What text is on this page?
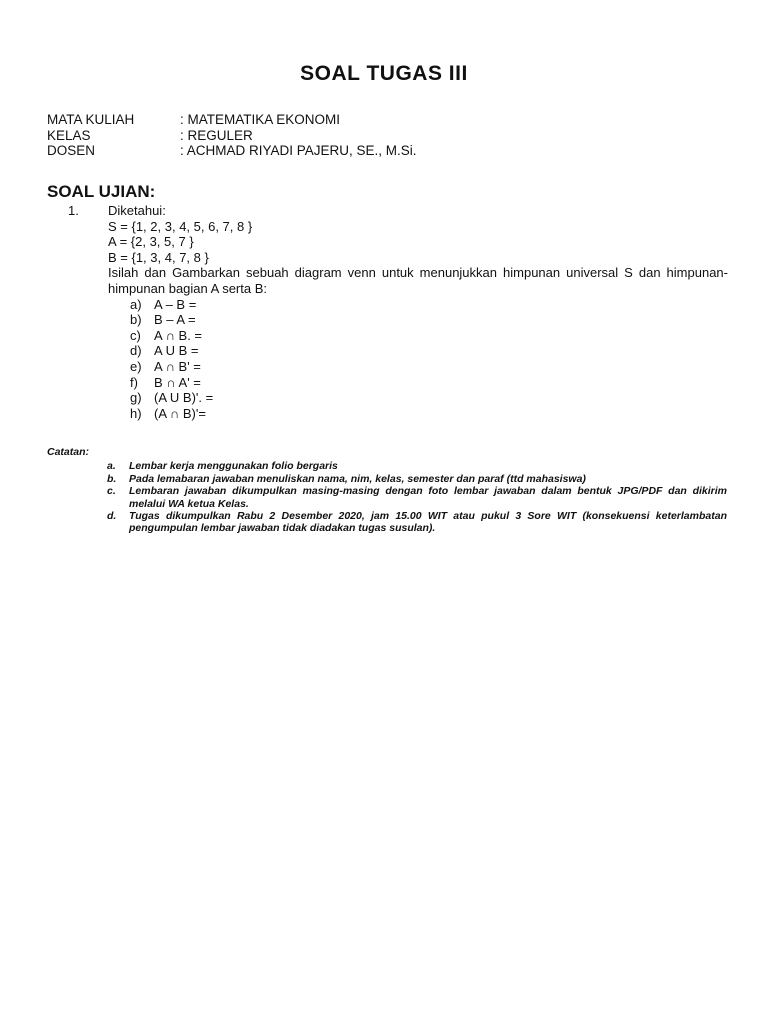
SOAL TUGAS III
MATA KULIAH	: MATEMATIKA EKONOMI
KELAS	: REGULER
DOSEN	: ACHMAD RIYADI PAJERU, SE., M.Si.
SOAL UJIAN:
1. Diketahui:
S = {1, 2, 3, 4, 5, 6, 7, 8 }
A = {2, 3, 5, 7 }
B = {1, 3, 4, 7, 8 }
Isilah dan Gambarkan sebuah diagram venn untuk menunjukkan himpunan universal S dan himpunan-himpunan bagian A serta B:
a) A – B =
b) B – A =
c)	A ∩ B. =
d) A U B =
e) A ∩ B' =
f)	B ∩ A' =
g) (A U B)'. =
h) (A ∩ B)'=
Catatan:
a.	Lembar kerja menggunakan folio bergaris
b.	Pada lemabaran jawaban menuliskan nama, nim, kelas, semester dan paraf (ttd mahasiswa)
c.	Lembaran jawaban dikumpulkan masing-masing dengan foto lembar jawaban dalam bentuk JPG/PDF dan dikirim melalui WA ketua Kelas.
d.	Tugas dikumpulkan Rabu 2 Desember 2020, jam 15.00 WIT atau pukul 3 Sore WIT (konsekuensi keterlambatan pengumpulan lembar jawaban tidak diadakan tugas susulan).
